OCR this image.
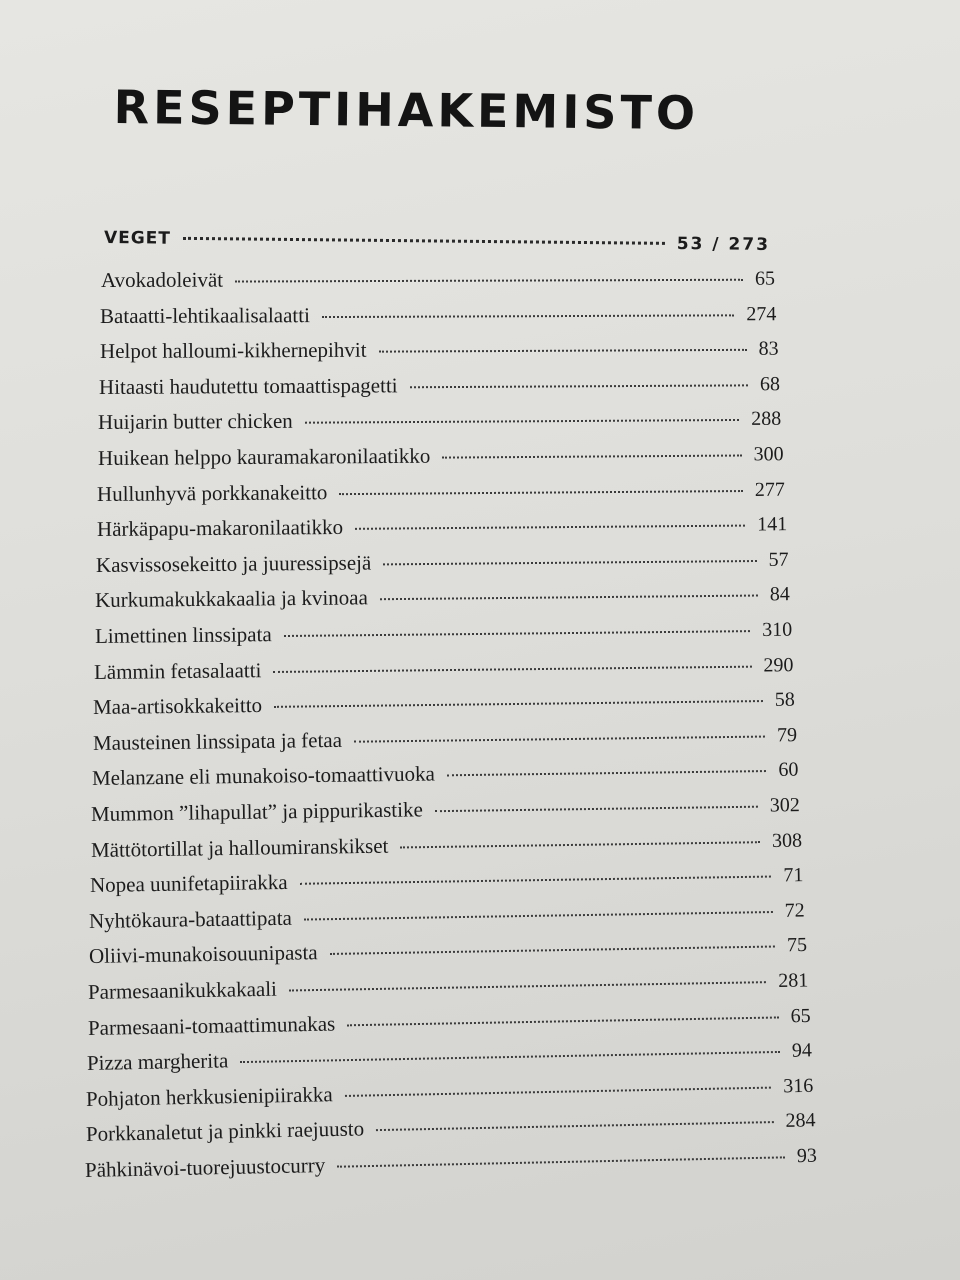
RESEPTIHAKEMISTO
VEGET	53 / 273
Avokadoleivät	65
Bataatti-lehtikaalisalaatti	274
Helpot halloumi-kikhernepihvit	83
Hitaasti haudutettu tomaattispagetti	68
Huijarin butter chicken	288
Huikean helppo kauramakaronilaatikko	300
Hullunhyvä porkkanakeitto	277
Härkäpapu-makaronilaatikko	141
Kasvissosekeitto ja juuressipsejä	57
Kurkumakukkakaalia ja kvinoaa	84
Limettinen linssipata	310
Lämmin fetasalaatti	290
Maa-artisokkakeitto	58
Mausteinen linssipata ja fetaa	79
Melanzane eli munakoiso-tomaattivuoka	60
Mummon ”lihapullat” ja pippurikastike	302
Mättötortillat ja halloumiranskikset	308
Nopea uunifetapiirakka	71
Nyhtökaura-bataattipata	72
Oliivi-munakoisouunipasta	75
Parmesaanikukkakaali	281
Parmesaani-tomaattimunakas	65
Pizza margherita	94
Pohjaton herkkusienipiirakka	316
Porkkanaletut ja pinkki raejuusto	284
Pähkinävoi-tuorejuustocurry	93
